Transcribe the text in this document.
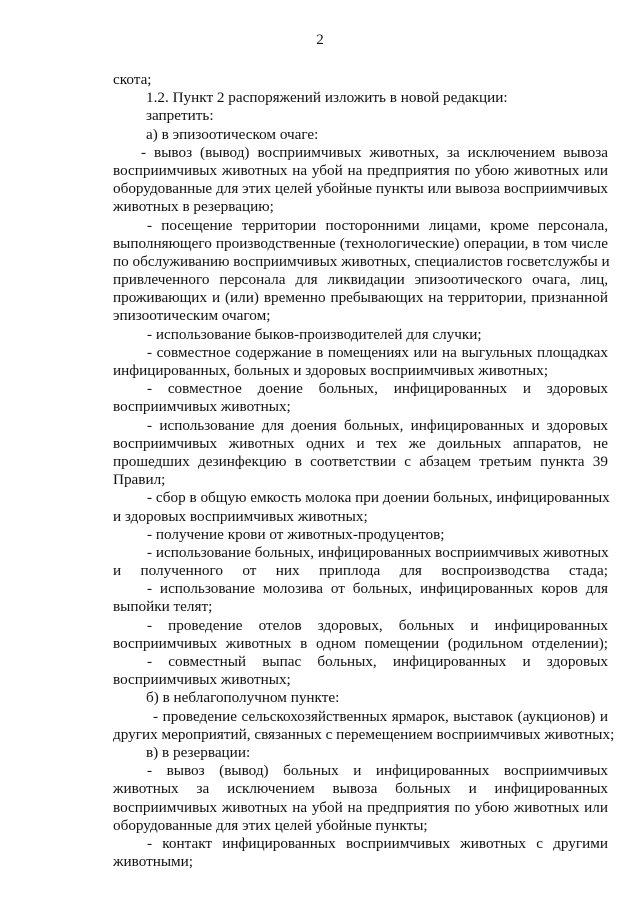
2
скота;
1.2. Пункт 2 распоряжений изложить в новой редакции:
запретить:
а) в эпизоотическом очаге:
- вывоз (вывод) восприимчивых животных, за исключением вывоза
восприимчивых животных на убой на предприятия по убою животных или
оборудованные для этих целей убойные пункты или вывоза восприимчивых
животных в резервацию;
- посещение территории посторонними лицами, кроме персонала,
выполняющего производственные (технологические) операции, в том числе
по обслуживанию восприимчивых животных, специалистов госветслужбы и
привлеченного персонала для ликвидации эпизоотического очага, лиц,
проживающих и (или) временно пребывающих на территории, признанной
эпизоотическим очагом;
- использование быков-производителей для случки;
- совместное содержание в помещениях или на выгульных площадках
инфицированных, больных и здоровых восприимчивых животных;
- совместное доение больных, инфицированных и здоровых
восприимчивых животных;
- использование для доения больных, инфицированных и здоровых
восприимчивых животных одних и тех же доильных аппаратов, не
прошедших дезинфекцию в соответствии с абзацем третьим пункта 39
Правил;
- сбор в общую емкость молока при доении больных, инфицированных
и здоровых восприимчивых животных;
- получение крови от животных-продуцентов;
- использование больных, инфицированных восприимчивых животных
и полученного от них приплода для воспроизводства стада;
- использование молозива от больных, инфицированных коров для
выпойки телят;
- проведение отелов здоровых, больных и инфицированных
восприимчивых животных в одном помещении (родильном отделении);
- совместный выпас больных, инфицированных и здоровых
восприимчивых животных;
б) в неблагополучном пункте:
- проведение сельскохозяйственных ярмарок, выставок (аукционов) и
других мероприятий, связанных с перемещением восприимчивых животных;
в) в резервации:
- вывоз (вывод) больных и инфицированных восприимчивых
животных за исключением вывоза больных и инфицированных
восприимчивых животных на убой на предприятия по убою животных или
оборудованные для этих целей убойные пункты;
- контакт инфицированных восприимчивых животных с другими
животными;
